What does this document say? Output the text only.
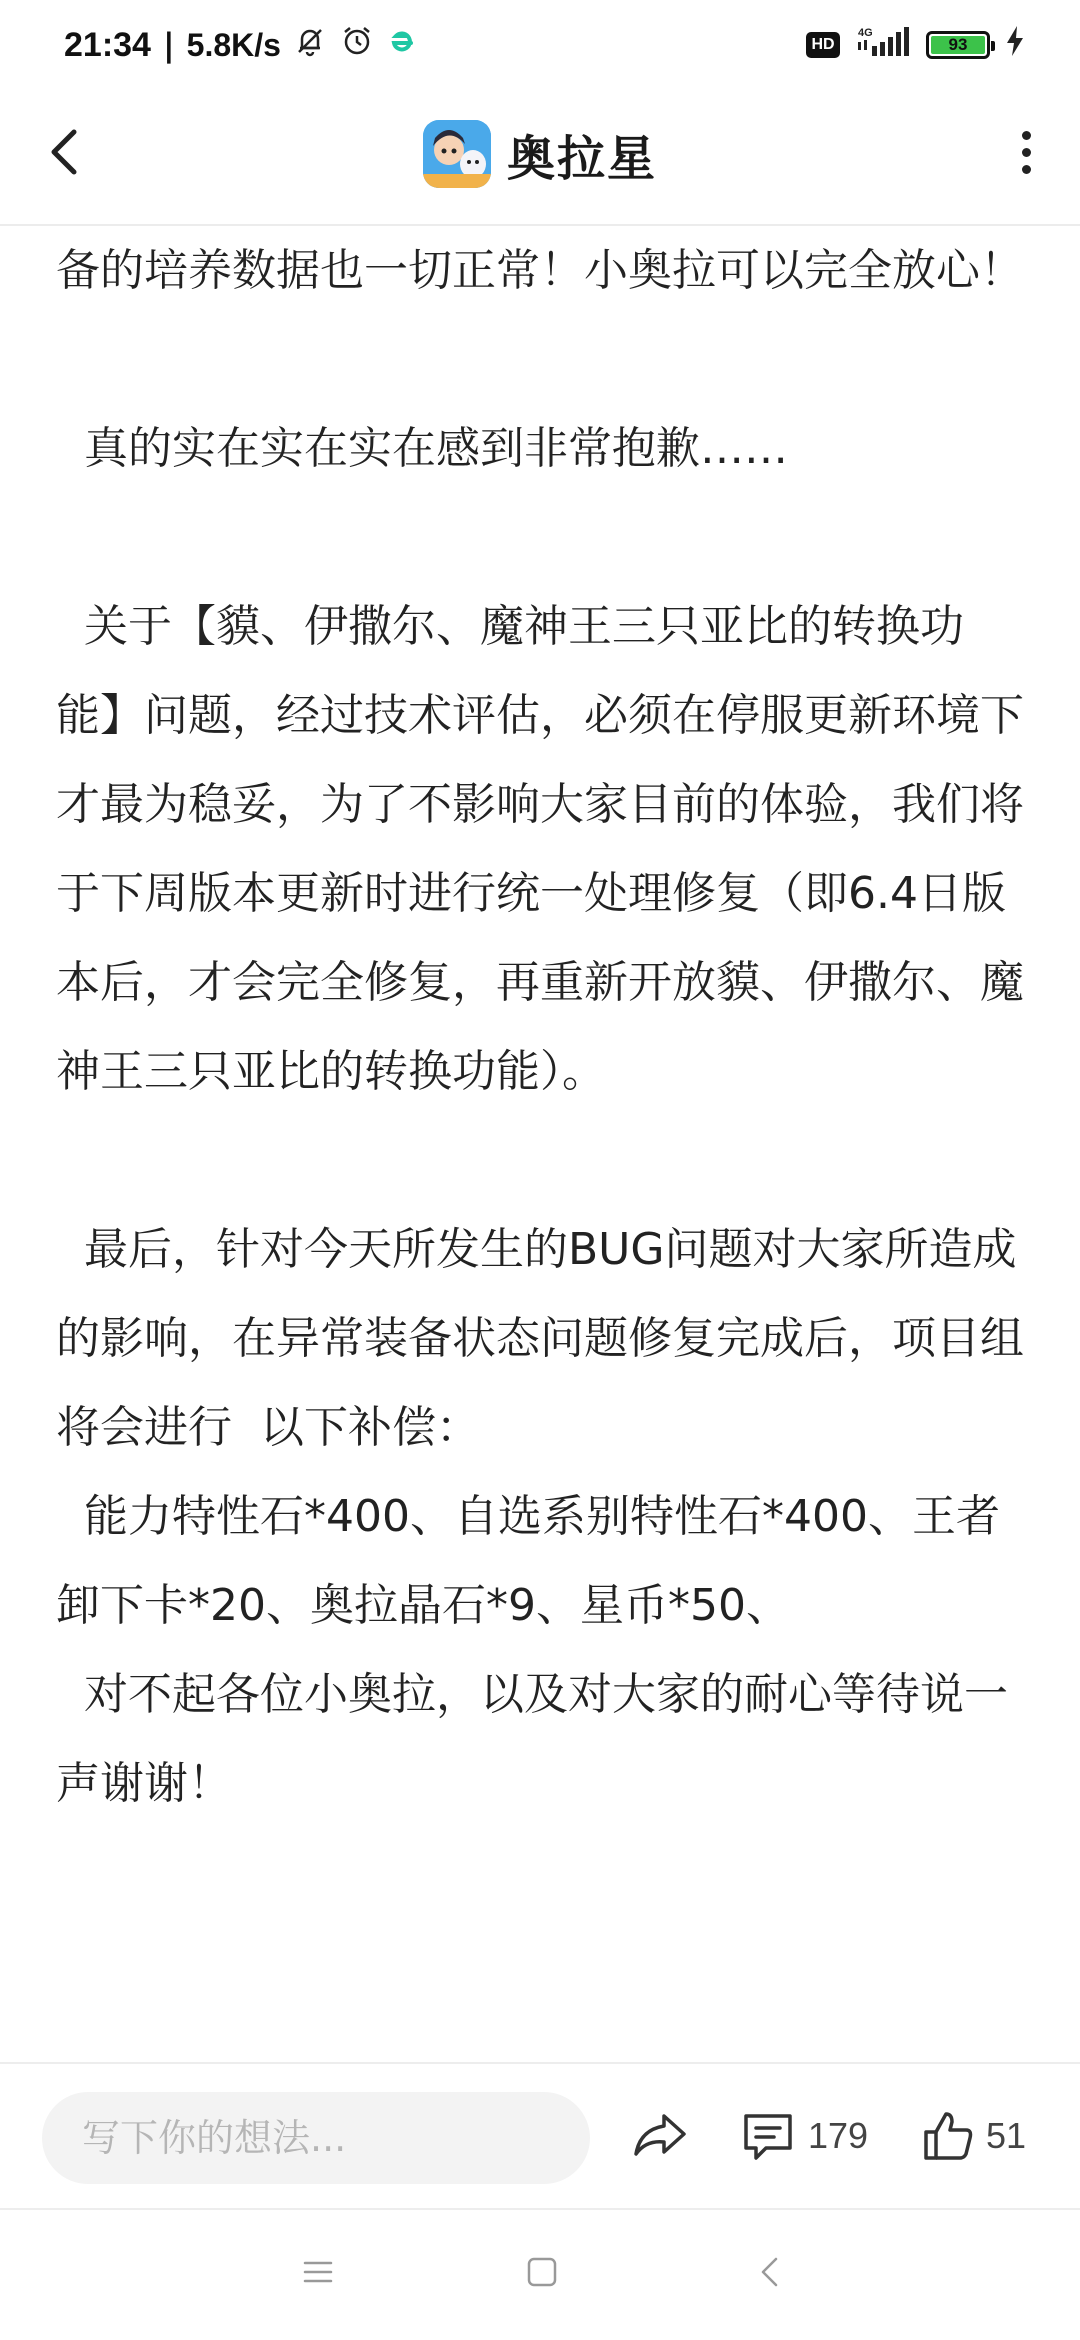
21:34 | 5.8K/s	HD
4G
93
奥拉星

备的培养数据也一切正常！小奥拉可以完全放心！

真的实在实在实在感到非常抱歉……

关于【貘、伊撒尔、魔神王三只亚比的转换功能】问题，经过技术评估，必须在停服更新环境下才最为稳妥，为了不影响大家目前的体验，我们将于下周版本更新时进行统一处理修复（即6.4日版本后，才会完全修复，再重新开放貘、伊撒尔、魔神王三只亚比的转换功能）。

最后，针对今天所发生的BUG问题对大家所造成的影响，在异常装备状态问题修复完成后，项目组将会进行  以下补偿：

能力特性石*400、自选系别特性石*400、王者卸下卡*20、奥拉晶石*9、星币*50、

对不起各位小奥拉，以及对大家的耐心等待说一声谢谢！

写下你的想法...
179	51
